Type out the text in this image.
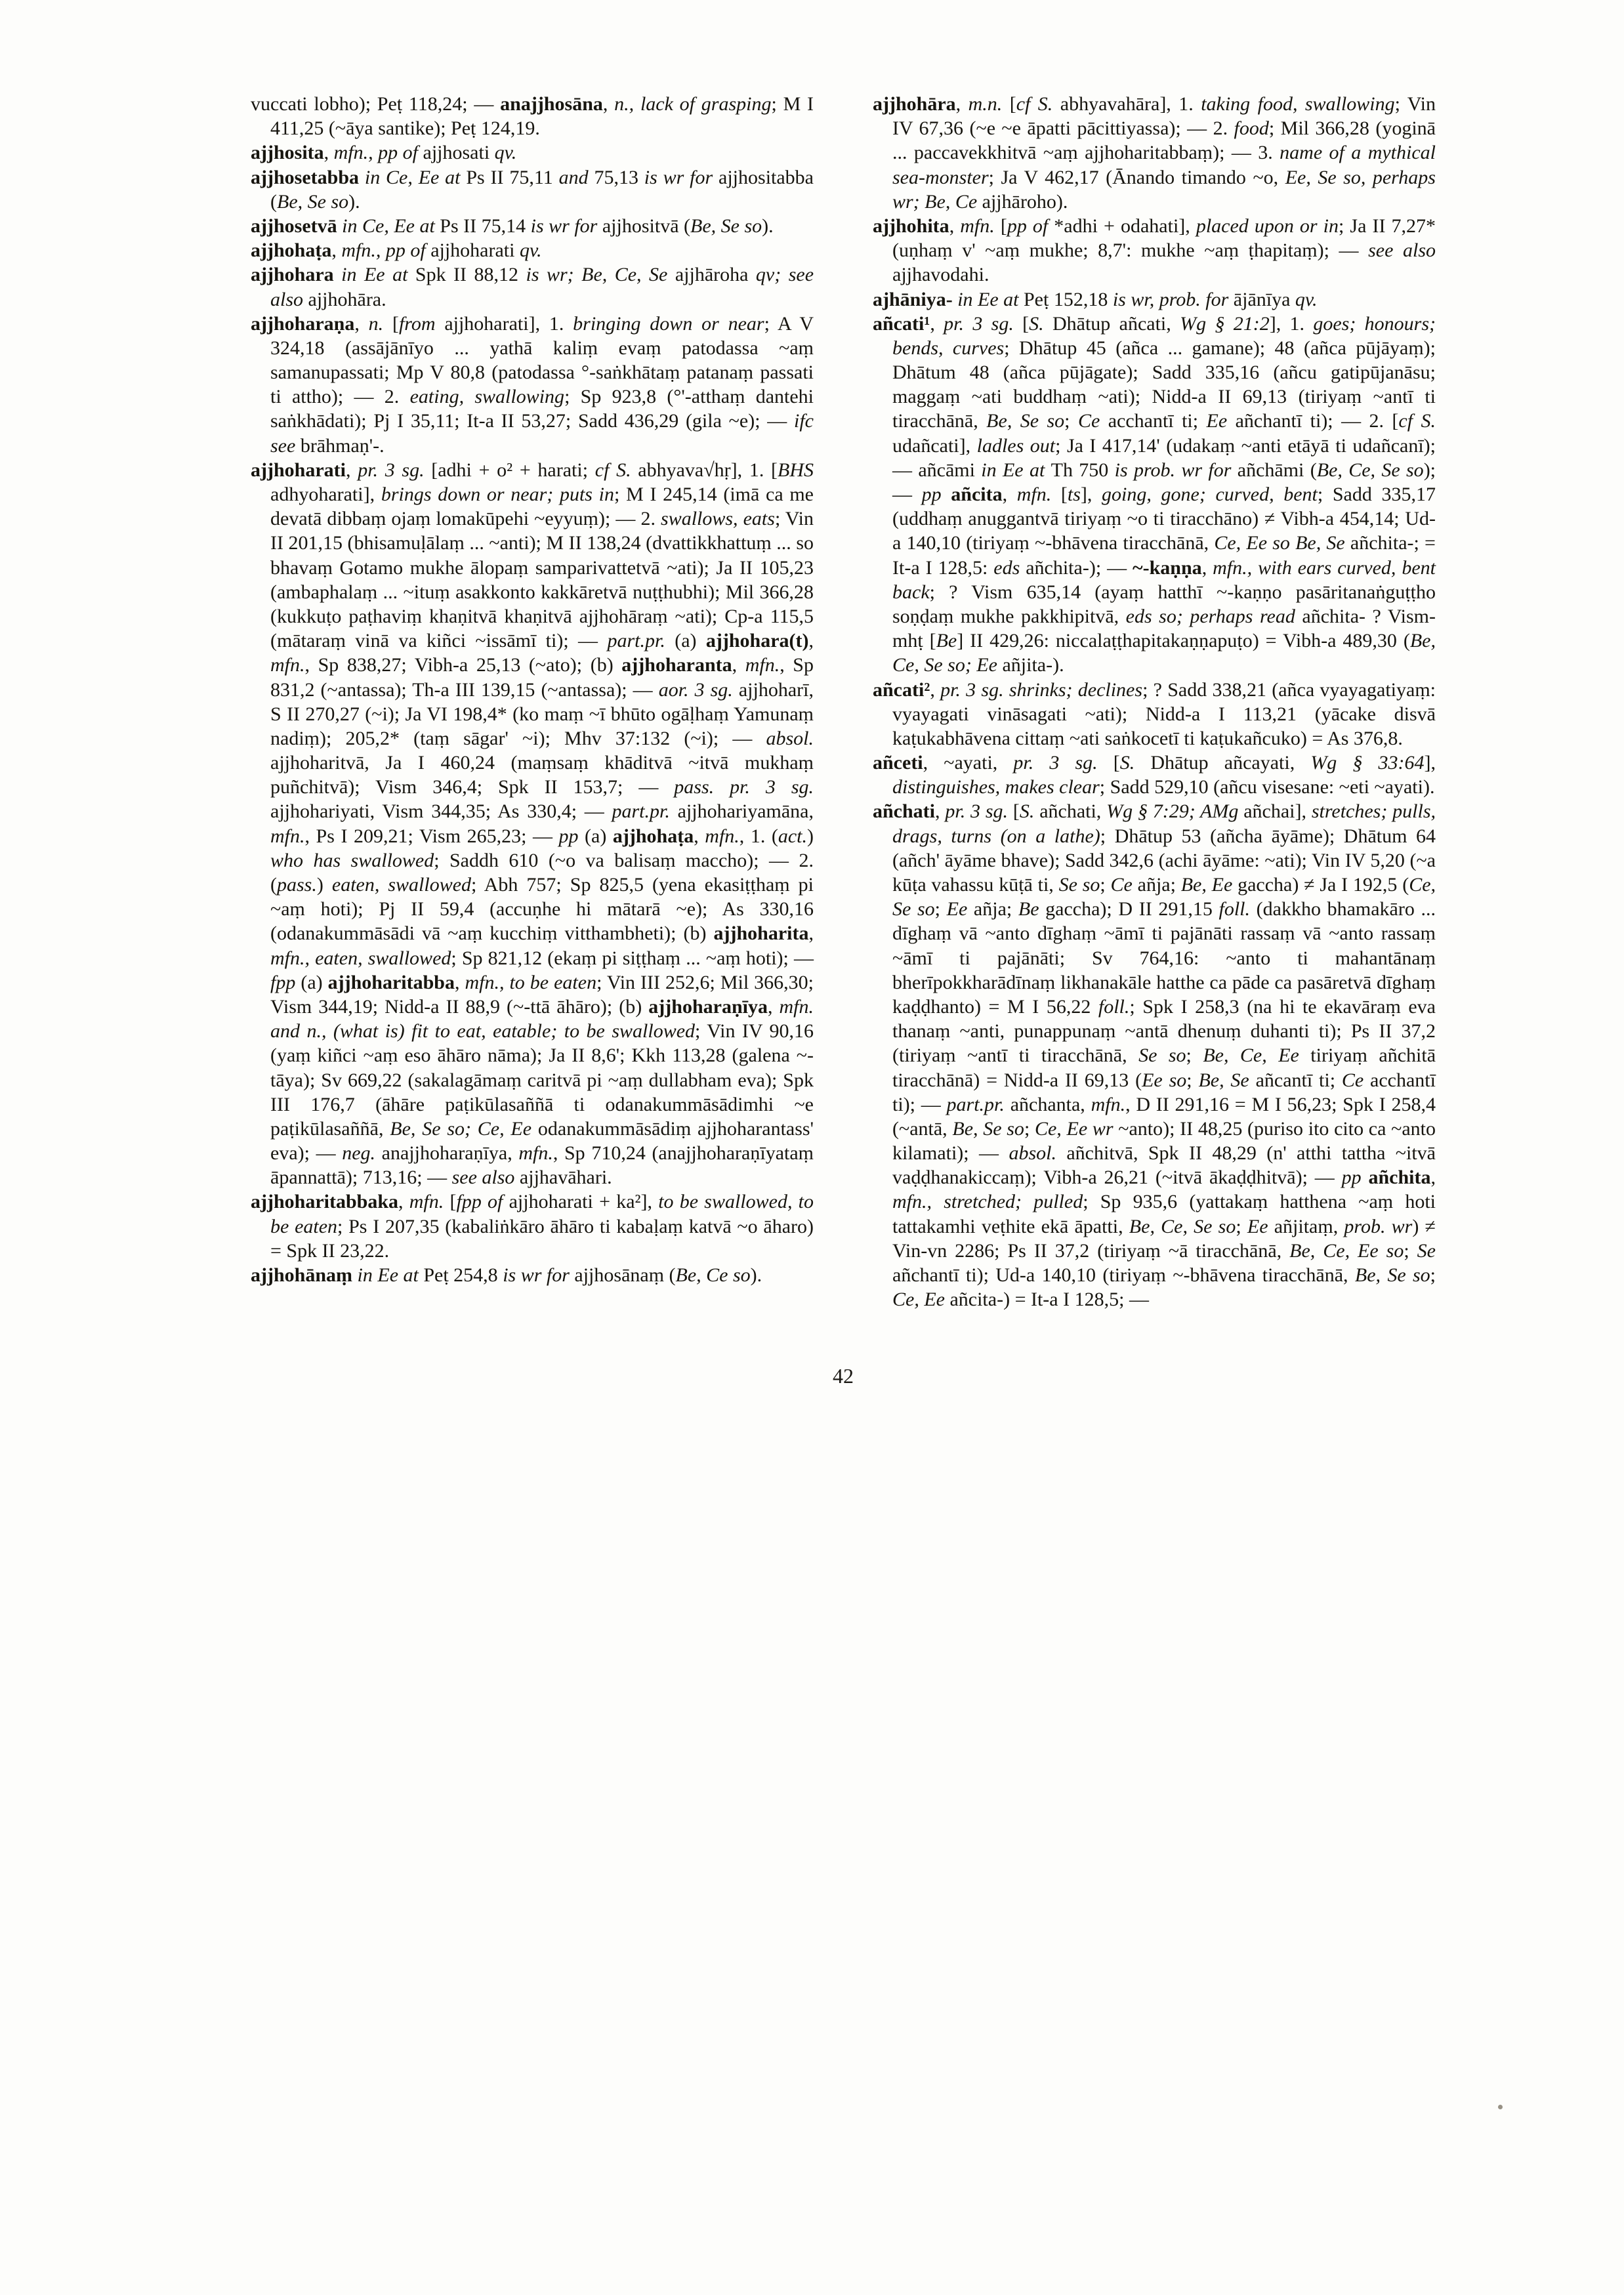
vuccati lobho); Peṭ 118,24; — anajjhosāna, n., lack of grasping; M I 411,25 (~āya santike); Peṭ 124,19.

ajjhosita, mfn., pp of ajjhosati qv.

ajjhosetabba in Ce, Ee at Ps II 75,11 and 75,13 is wr for ajjhositabba (Be, Se so).

ajjhosetvā in Ce, Ee at Ps II 75,14 is wr for ajjhositvā (Be, Se so).

ajjhohaṭa, mfn., pp of ajjhoharati qv.

ajjhohara in Ee at Spk II 88,12 is wr; Be, Ce, Se ajjhāroha qv; see also ajjhohāra.

ajjhoharaṇa, n. [from ajjhoharati], 1. bringing down or near; A V 324,18 (assājānīyo ... yathā kaliṃ evaṃ patodassa ~aṃ samanupassati; Mp V 80,8 (patodassa °-saṅkhātaṃ patanaṃ passati ti attho); — 2. eating, swallowing; Sp 923,8 (°'-atthaṃ dantehi saṅkhādati); Pj I 35,11; It-a II 53,27; Sadd 436,29 (gila ~e); — ifc see brāhmaṇ'-.

ajjhoharati, pr. 3 sg. [adhi + o² + harati; cf S. abhyava√hṛ], 1. [BHS adhyoharati], brings down or near; puts in; M I 245,14 (imā ca me devatā dibbaṃ ojaṃ lomakūpehi ~eyyuṃ); — 2. swallows, eats; Vin II 201,15 (bhisamuḷālaṃ ... ~anti); M II 138,24 (dvattikkhattuṃ ... so bhavaṃ Gotamo mukhe ālopaṃ samparivattetvā ~ati); Ja II 105,23 (ambaphalaṃ ... ~ituṃ asakkonto kakkāretvā nuṭṭhubhi); Mil 366,28 (kukkuṭo paṭhaviṃ khaṇitvā khaṇitvā ajjhohāraṃ ~ati); Cp-a 115,5 (mātaraṃ vinā va kiñci ~issāmī ti); — part.pr. (a) ajjhohara(t), mfn., Sp 838,27; Vibh-a 25,13 (~ato); (b) ajjhoharanta, mfn., Sp 831,2 (~antassa); Th-a III 139,15 (~antassa); — aor. 3 sg. ajjhoharī, S II 270,27 (~i); Ja VI 198,4* (ko maṃ ~ī bhūto ogāḷhaṃ Yamunaṃ nadiṃ); 205,2* (taṃ sāgar' ~i); Mhv 37:132 (~i); — absol. ajjhoharitvā, Ja I 460,24 (maṃsaṃ khāditvā ~itvā mukhaṃ puñchitvā); Vism 346,4; Spk II 153,7; — pass. pr. 3 sg. ajjhohariyati, Vism 344,35; As 330,4; — part.pr. ajjhohariyamāna, mfn., Ps I 209,21; Vism 265,23; — pp (a) ajjhohaṭa, mfn., 1. (act.) who has swallowed; Saddh 610 (~o va balisaṃ maccho); — 2. (pass.) eaten, swallowed; Abh 757; Sp 825,5 (yena ekasiṭṭhaṃ pi ~aṃ hoti); Pj II 59,4 (accuṇhe hi mātarā ~e); As 330,16 (odanakummāsādi vā ~aṃ kucchiṃ vitthambheti); (b) ajjhoharita, mfn., eaten, swallowed; Sp 821,12 (ekaṃ pi siṭṭhaṃ ... ~aṃ hoti); — fpp (a) ajjhoharitabba, mfn., to be eaten; Vin III 252,6; Mil 366,30; Vism 344,19; Nidd-a II 88,9 (~-ttā āhāro); (b) ajjhoharaṇīya, mfn. and n., (what is) fit to eat, eatable; to be swallowed; Vin IV 90,16 (yaṃ kiñci ~aṃ eso āhāro nāma); Ja II 8,6'; Kkh 113,28 (galena ~-tāya); Sv 669,22 (sakalagāmaṃ caritvā pi ~aṃ dullabham eva); Spk III 176,7 (āhāre paṭikūlasaññā ti odanakummāsādimhi ~e paṭikūlasaññā, Be, Se so; Ce, Ee odanakummāsādiṃ ajjhoharantass' eva); — neg. anajjhoharaṇīya, mfn., Sp 710,24 (anajjhoharaṇīyataṃ āpannattā); 713,16; — see also ajjhavāhari.

ajjhoharitabbaka, mfn. [fpp of ajjhoharati + ka²], to be swallowed, to be eaten; Ps I 207,35 (kabaliṅkāro āhāro ti kabaḷaṃ katvā ~o āharo) = Spk II 23,22.

ajjhohānaṃ in Ee at Peṭ 254,8 is wr for ajjhosānaṃ (Be, Ce so).

ajjhohāra, m.n. [cf S. abhyavahāra], 1. taking food, swallowing; Vin IV 67,36 (~e ~e āpatti pācittiyassa); — 2. food; Mil 366,28 (yoginā ... paccavekkhitvā ~aṃ ajjhoharitabbaṃ); — 3. name of a mythical sea-monster; Ja V 462,17 (Ānando timando ~o, Ee, Se so, perhaps wr; Be, Ce ajjhāroho).

ajjhohita, mfn. [pp of *adhi + odahati], placed upon or in; Ja II 7,27* (uṇhaṃ v' ~aṃ mukhe; 8,7': mukhe ~aṃ ṭhapitaṃ); — see also ajjhavodahi.

ajhāniya- in Ee at Peṭ 152,18 is wr, prob. for ājānīya qv.

añcati¹, pr. 3 sg. [S. Dhātup añcati, Wg § 21:2], 1. goes; honours; bends, curves; Dhātup 45 (añca ... gamane); 48 (añca pūjāyaṃ); Dhātum 48 (añca pūjāgate); Sadd 335,16 (añcu gatipūjanāsu; maggaṃ ~ati buddhaṃ ~ati); Nidd-a II 69,13 (tiriyaṃ ~antī ti tiracchānā, Be, Se so; Ce acchantī ti; Ee añchantī ti); — 2. [cf S. udañcati], ladles out; Ja I 417,14' (udakaṃ ~anti etāyā ti udañcanī); — añcāmi in Ee at Th 750 is prob. wr for añchāmi (Be, Ce, Se so); — pp añcita, mfn. [ts], going, gone; curved, bent; Sadd 335,17 (uddhaṃ anuggantvā tiriyaṃ ~o ti tiracchāno) ≠ Vibh-a 454,14; Ud-a 140,10 (tiriyaṃ ~-bhāvena tiracchānā, Ce, Ee so Be, Se añchita-; = It-a I 128,5: eds añchita-); — ~-kaṇṇa, mfn., with ears curved, bent back; ? Vism 635,14 (ayaṃ hatthī ~-kaṇṇo pasāritanaṅguṭṭho soṇḍaṃ mukhe pakkhipitvā, eds so; perhaps read añchita- ? Vism-mhṭ [Be] II 429,26: niccalaṭṭhapitakaṇṇapuṭo) = Vibh-a 489,30 (Be, Ce, Se so; Ee añjita-).

añcati², pr. 3 sg. shrinks; declines; ? Sadd 338,21 (añca vyayagatiyaṃ: vyayagati vināsagati ~ati); Nidd-a I 113,21 (yācake disvā kaṭukabhāvena cittaṃ ~ati saṅkocetī ti kaṭukañcuko) = As 376,8.

añceti, ~ayati, pr. 3 sg. [S. Dhātup añcayati, Wg § 33:64], distinguishes, makes clear; Sadd 529,10 (añcu visesane: ~eti ~ayati).

añchati, pr. 3 sg. [S. añchati, Wg § 7:29; AMg añchai], stretches; pulls, drags, turns (on a lathe); Dhātup 53 (añcha āyāme); Dhātum 64 (añch' āyāme bhave); Sadd 342,6 (achi āyāme: ~ati); Vin IV 5,20 (~a kūṭa vahassu kūṭā ti, Se so; Ce añja; Be, Ee gaccha) ≠ Ja I 192,5 (Ce, Se so; Ee añja; Be gaccha); D II 291,15 foll. (dakkho bhamakāro ... dīghaṃ vā ~anto dīghaṃ ~āmī ti pajānāti rassaṃ vā ~anto rassaṃ ~āmī ti pajānāti; Sv 764,16: ~anto ti mahantānaṃ bherīpokkharādīnaṃ likhanakāle hatthe ca pāde ca pasāretvā dīghaṃ kaḍḍhanto) = M I 56,22 foll.; Spk I 258,3 (na hi te ekavāraṃ eva thanaṃ ~anti, punappunaṃ ~antā dhenuṃ duhanti ti); Ps II 37,2 (tiriyaṃ ~antī ti tiracchānā, Se so; Be, Ce, Ee tiriyaṃ añchitā tiracchānā) = Nidd-a II 69,13 (Ee so; Be, Se añcantī ti; Ce acchantī ti); — part.pr. añchanta, mfn., D II 291,16 = M I 56,23; Spk I 258,4 (~antā, Be, Se so; Ce, Ee wr ~anto); II 48,25 (puriso ito cito ca ~anto kilamati); — absol. añchitvā, Spk II 48,29 (n' atthi tattha ~itvā vaḍḍhanakiccaṃ); Vibh-a 26,21 (~itvā ākaḍḍhitvā); — pp añchita, mfn., stretched; pulled; Sp 935,6 (yattakaṃ hatthena ~aṃ hoti tattakamhi veṭhite ekā āpatti, Be, Ce, Se so; Ee añjitaṃ, prob. wr) ≠ Vin-vn 2286; Ps II 37,2 (tiriyaṃ ~ā tiracchānā, Be, Ce, Ee so; Se añchantī ti); Ud-a 140,10 (tiriyaṃ ~-bhāvena tiracchānā, Be, Se so; Ce, Ee añcita-) = It-a I 128,5; —

42
